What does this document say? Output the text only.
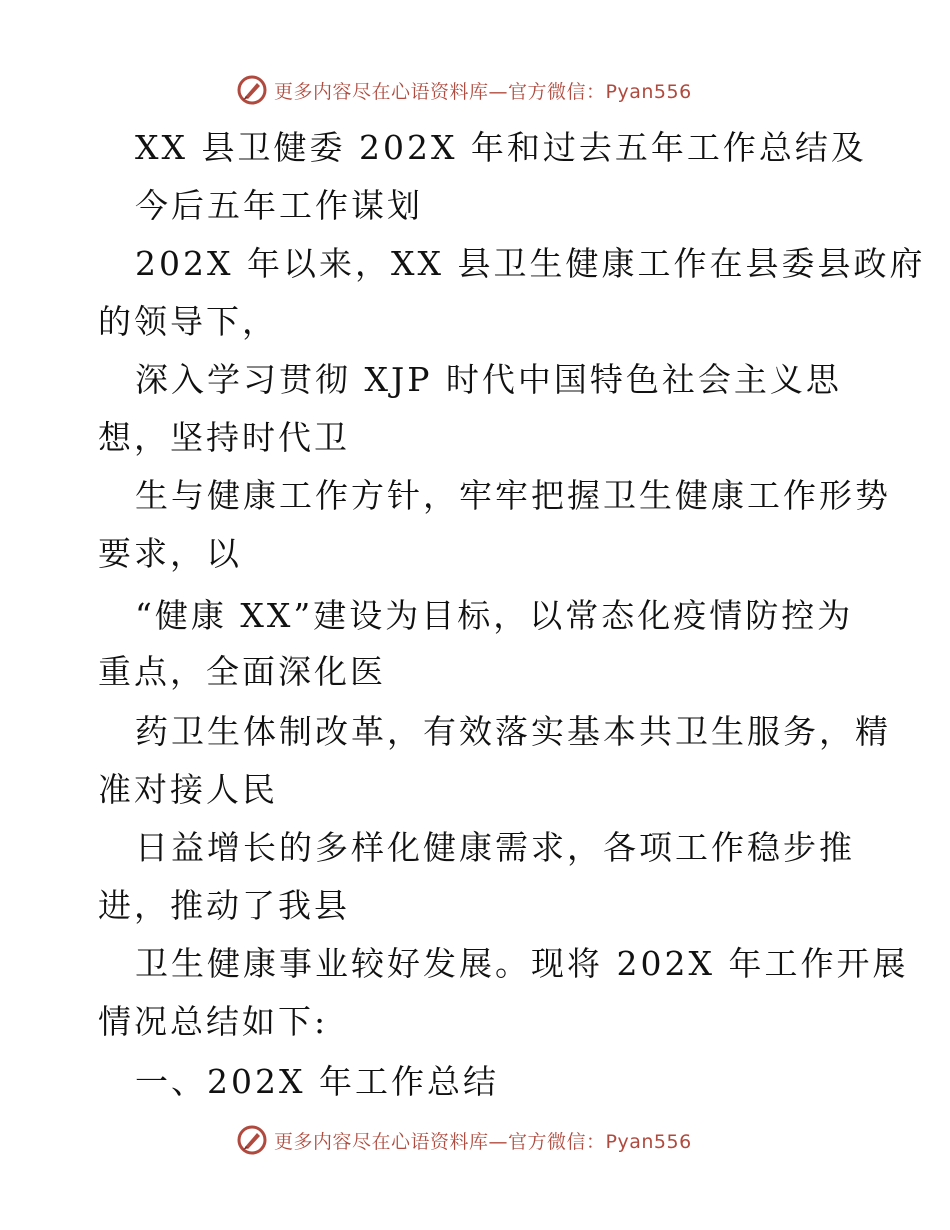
更多内容尽在心语资料库—官方微信：Pyan556
XX 县卫健委 202X 年和过去五年工作总结及
今后五年工作谋划
202X 年以来，XX 县卫生健康工作在县委县政府
的领导下，
深入学习贯彻 XJP 时代中国特色社会主义思
想，坚持时代卫
生与健康工作方针，牢牢把握卫生健康工作形势
要求，以
“健康 XX”建设为目标，以常态化疫情防控为
重点，全面深化医
药卫生体制改革，有效落实基本共卫生服务，精
准对接人民
日益增长的多样化健康需求，各项工作稳步推
进，推动了我县
卫生健康事业较好发展。现将 202X 年工作开展
情况总结如下:
一、202X 年工作总结
更多内容尽在心语资料库—官方微信：Pyan556
